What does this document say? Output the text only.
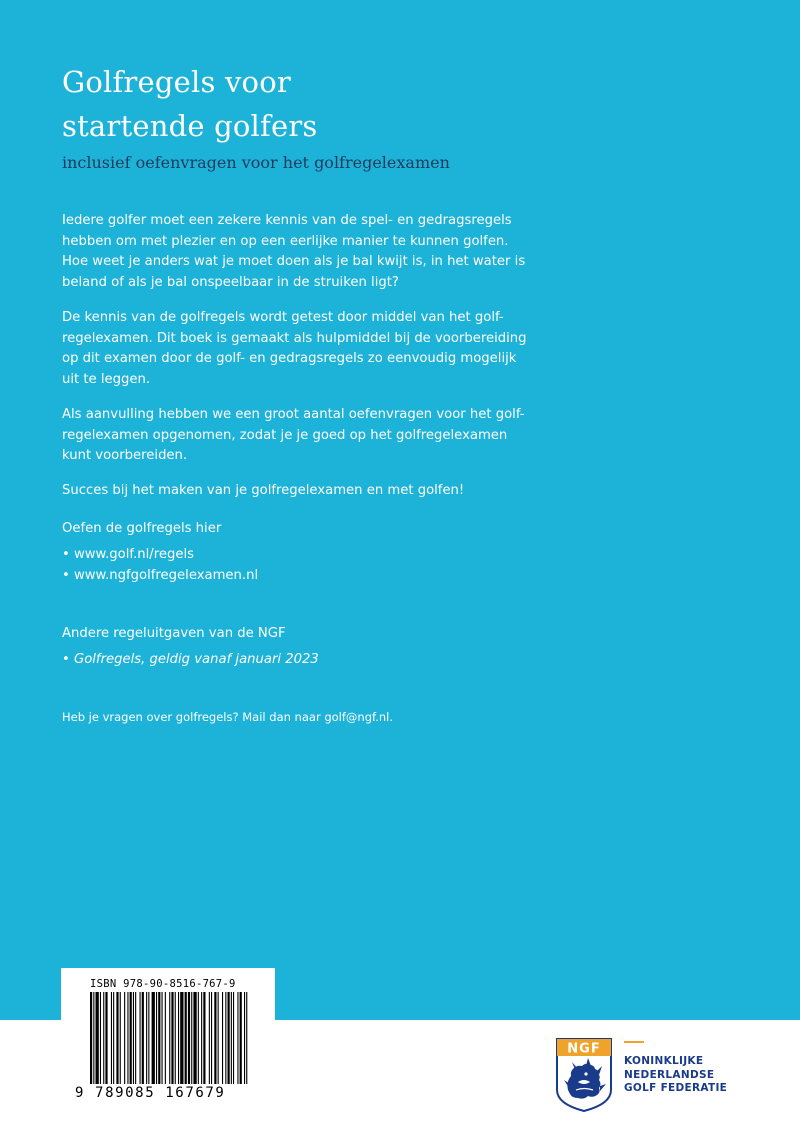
Golfregels voor
startende golfers

inclusief oefenvragen voor het golfregelexamen

Iedere golfer moet een zekere kennis van de spel- en gedragsregels hebben om met plezier en op een eerlijke manier te kunnen golfen. Hoe weet je anders wat je moet doen als je bal kwijt is, in het water is beland of als je bal onspeelbaar in de struiken ligt?

De kennis van de golfregels wordt getest door middel van het golf-regelexamen. Dit boek is gemaakt als hulpmiddel bij de voorbereiding op dit examen door de golf- en gedragsregels zo eenvoudig mogelijk uit te leggen.

Als aanvulling hebben we een groot aantal oefenvragen voor het golf-regelexamen opgenomen, zodat je je goed op het golfregelexamen kunt voorbereiden.

Succes bij het maken van je golfregelexamen en met golfen!

Oefen de golfregels hier

• www.golf.nl/regels

• www.ngfgolfregelexamen.nl

Andere regeluitgaven van de NGF

• Golfregels, geldig vanaf januari 2023

Heb je vragen over golfregels? Mail dan naar golf@ngf.nl.

ISBN 978-90-8516-767-9
9 789085 167679
NGF
KONINKLIJKE
NEDERLANDSE
GOLF FEDERATIE
